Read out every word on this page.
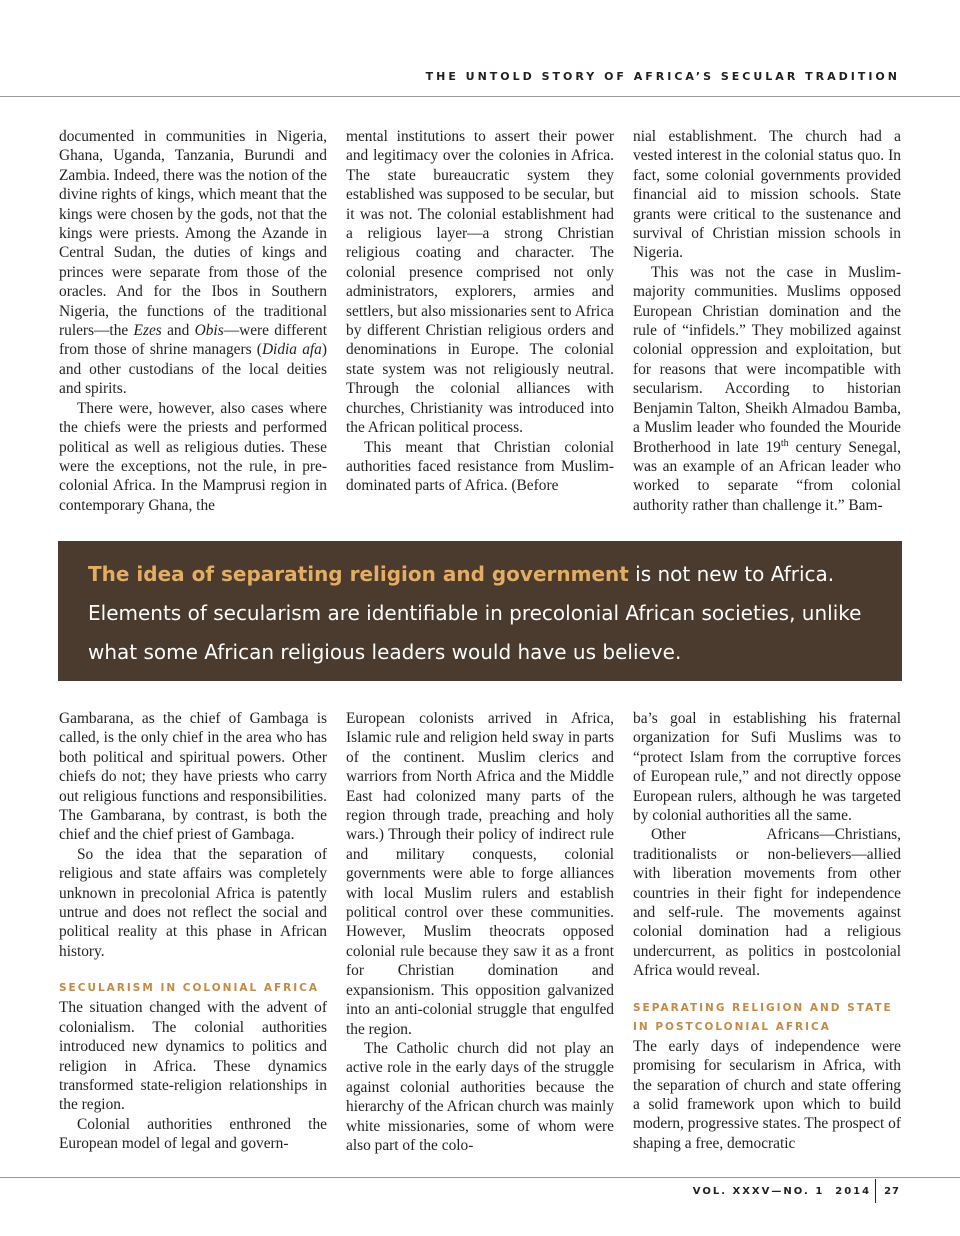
THE UNTOLD STORY OF AFRICA’S SECULAR TRADITION

documented in communities in Nigeria, Ghana, Uganda, Tanzania, Burundi and Zambia. Indeed, there was the notion of the divine rights of kings, which meant that the kings were chosen by the gods, not that the kings were priests. Among the Azande in Central Sudan, the duties of kings and princes were separate from those of the oracles. And for the Ibos in Southern Nigeria, the functions of the traditional rulers—the Ezes and Obis—were different from those of shrine managers (Didia afa) and other custodians of the local deities and spirits.

There were, however, also cases where the chiefs were the priests and performed political as well as religious duties. These were the exceptions, not the rule, in pre-colonial Africa. In the Mamprusi region in contemporary Ghana, the

mental institutions to assert their power and legitimacy over the colonies in Africa. The state bureaucratic system they established was supposed to be secular, but it was not. The colonial establishment had a religious layer—a strong Christian religious coating and character. The colonial presence comprised not only administrators, explorers, armies and settlers, but also missionaries sent to Africa by different Christian religious orders and denominations in Europe. The colonial state system was not religiously neutral. Through the colonial alliances with churches, Christianity was introduced into the African political process.

This meant that Christian colonial authorities faced resistance from Muslim-dominated parts of Africa. (Before

nial establishment. The church had a vested interest in the colonial status quo. In fact, some colonial governments provided financial aid to mission schools. State grants were critical to the sustenance and survival of Christian mission schools in Nigeria.

This was not the case in Muslim-majority communities. Muslims opposed European Christian domination and the rule of “infidels.” They mobilized against colonial oppression and exploitation, but for reasons that were incompatible with secularism. According to historian Benjamin Talton, Sheikh Almadou Bamba, a Muslim leader who founded the Mouride Brotherhood in late 19th century Senegal, was an example of an African leader who worked to separate “from colonial authority rather than challenge it.” Bam-

The idea of separating religion and government is not new to Africa. Elements of secularism are identifiable in precolonial African societies, unlike what some African religious leaders would have us believe.

Gambarana, as the chief of Gambaga is called, is the only chief in the area who has both political and spiritual powers. Other chiefs do not; they have priests who carry out religious functions and responsibilities. The Gambarana, by contrast, is both the chief and the chief priest of Gambaga.

So the idea that the separation of religious and state affairs was completely unknown in precolonial Africa is patently untrue and does not reflect the social and political reality at this phase in African history.

SECULARISM IN COLONIAL AFRICA

The situation changed with the advent of colonialism. The colonial authorities introduced new dynamics to politics and religion in Africa. These dynamics transformed state-religion relationships in the region.

Colonial authorities enthroned the European model of legal and govern-

European colonists arrived in Africa, Islamic rule and religion held sway in parts of the continent. Muslim clerics and warriors from North Africa and the Middle East had colonized many parts of the region through trade, preaching and holy wars.) Through their policy of indirect rule and military conquests, colonial governments were able to forge alliances with local Muslim rulers and establish political control over these communities. However, Muslim theocrats opposed colonial rule because they saw it as a front for Christian domination and expansionism. This opposition galvanized into an anti-colonial struggle that engulfed the region.

The Catholic church did not play an active role in the early days of the struggle against colonial authorities because the hierarchy of the African church was mainly white missionaries, some of whom were also part of the colo-

ba’s goal in establishing his fraternal organization for Sufi Muslims was to “protect Islam from the corruptive forces of European rule,” and not directly oppose European rulers, although he was targeted by colonial authorities all the same.

Other Africans—Christians, traditionalists or non-believers—allied with liberation movements from other countries in their fight for independence and self-rule. The movements against colonial domination had a religious undercurrent, as politics in postcolonial Africa would reveal.

SEPARATING RELIGION AND STATE IN POSTCOLONIAL AFRICA

The early days of independence were promising for secularism in Africa, with the separation of church and state offering a solid framework upon which to build modern, progressive states. The prospect of shaping a free, democratic

VOL. XXXV—NO. 1  2014 27
